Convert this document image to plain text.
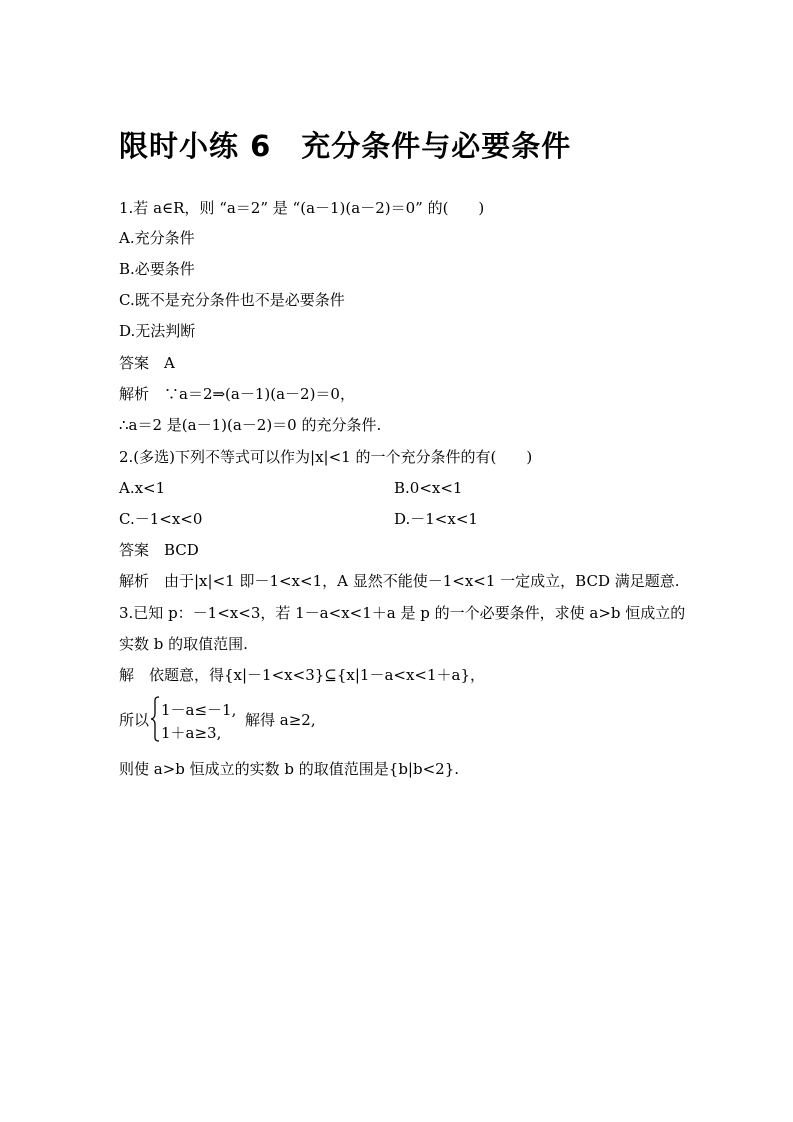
限时小练 6　充分条件与必要条件
1.若 a∈R，则 “a＝2” 是 “(a－1)(a－2)＝0” 的(　　)
A.充分条件
B.必要条件
C.既不是充分条件也不是必要条件
D.无法判断
答案　A
解析　∵a＝2⇒(a－1)(a－2)＝0，
∴a＝2 是(a－1)(a－2)＝0 的充分条件.
2.(多选)下列不等式可以作为|x|<1 的一个充分条件的有(　　)
A.x<1	B.0<x<1
C.－1<x<0	D.－1<x<1
答案　BCD
解析　由于|x|<1 即－1<x<1，A 显然不能使－1<x<1 一定成立，BCD 满足题意.
3.已知 p：－1<x<3，若 1－a<x<1＋a 是 p 的一个必要条件，求使 a>b 恒成立的
实数 b 的取值范围.
解　依题意，得{x|－1<x<3}⊆{x|1－a<x<1＋a}，
所以
1－a≤－1,
1＋a≥3,
解得 a≥2,
则使 a>b 恒成立的实数 b 的取值范围是{b|b<2}.
